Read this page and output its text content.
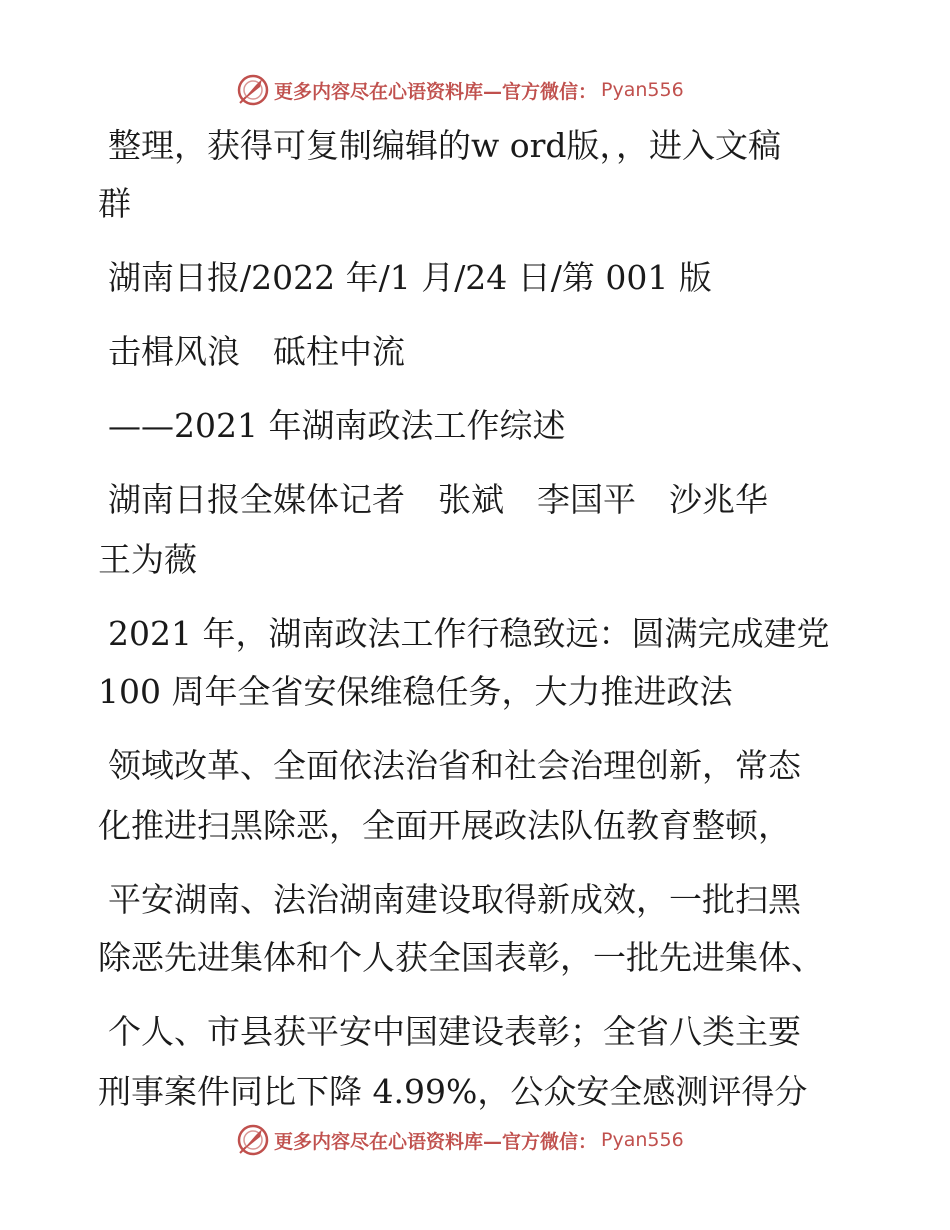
更多内容尽在心语资料库—官方微信： Pyan556

整理，获得可复制编辑的w ord版，，进入文稿

群

湖南日报/2022 年/1 月/24 日/第 001 版

击楫风浪　砥柱中流

——2021 年湖南政法工作综述

湖南日报全媒体记者　张斌　李国平　沙兆华

王为薇

2021 年，湖南政法工作行稳致远：圆满完成建党

100 周年全省安保维稳任务，大力推进政法

领域改革、全面依法治省和社会治理创新，常态

化推进扫黑除恶，全面开展政法队伍教育整顿，

平安湖南、法治湖南建设取得新成效，一批扫黑

除恶先进集体和个人获全国表彰，一批先进集体、

个人、市县获平安中国建设表彰；全省八类主要

刑事案件同比下降 4.99%，公众安全感测评得分

更多内容尽在心语资料库—官方微信： Pyan556
